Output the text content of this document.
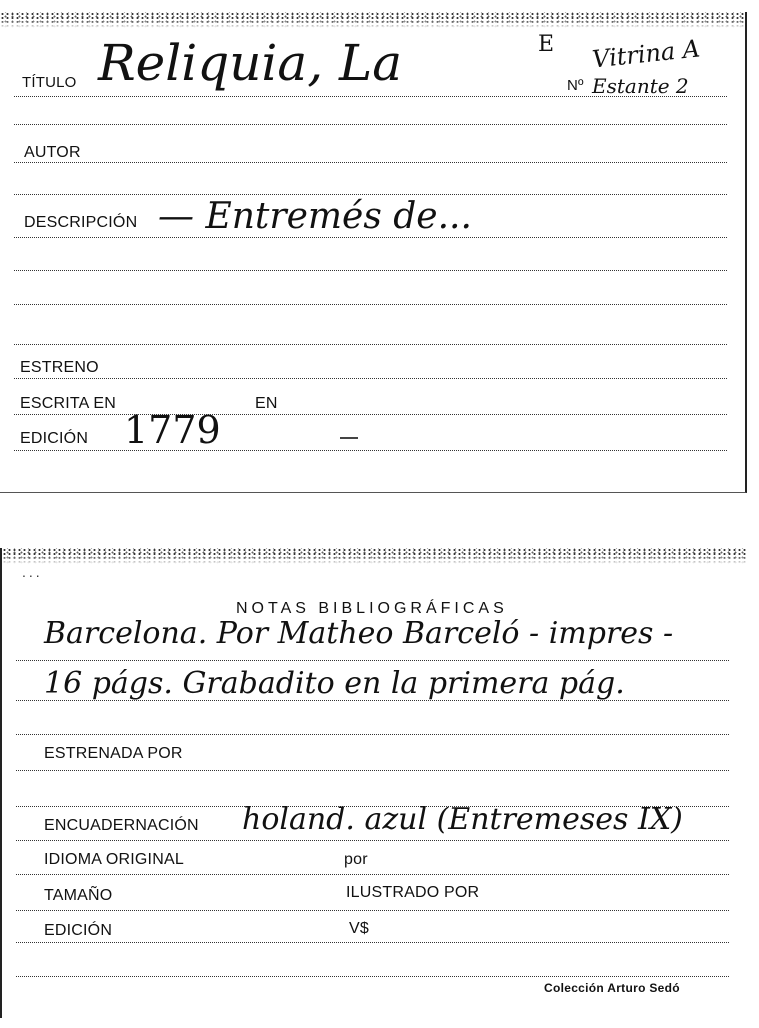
TÍTULO Reliquia, La	E Vitrina A
Nº Estante 2
AUTOR
DESCRIPCIÓN — Entremés de...
ESTRENO
ESCRITA EN	EN
EDICIÓN 1779
...
NOTAS BIBLIOGRÁFICAS
Barcelona. Por Matheo Barceló - impres -
16 págs. Grabadito en la primera pág.
ESTRENADA POR
ENCUADERNACIÓN holand. azul (Entremeses IX)
IDIOMA ORIGINAL	por
TAMAÑO	ILUSTRADO POR
EDICIÓN	V$
Colección Arturo Sedó
